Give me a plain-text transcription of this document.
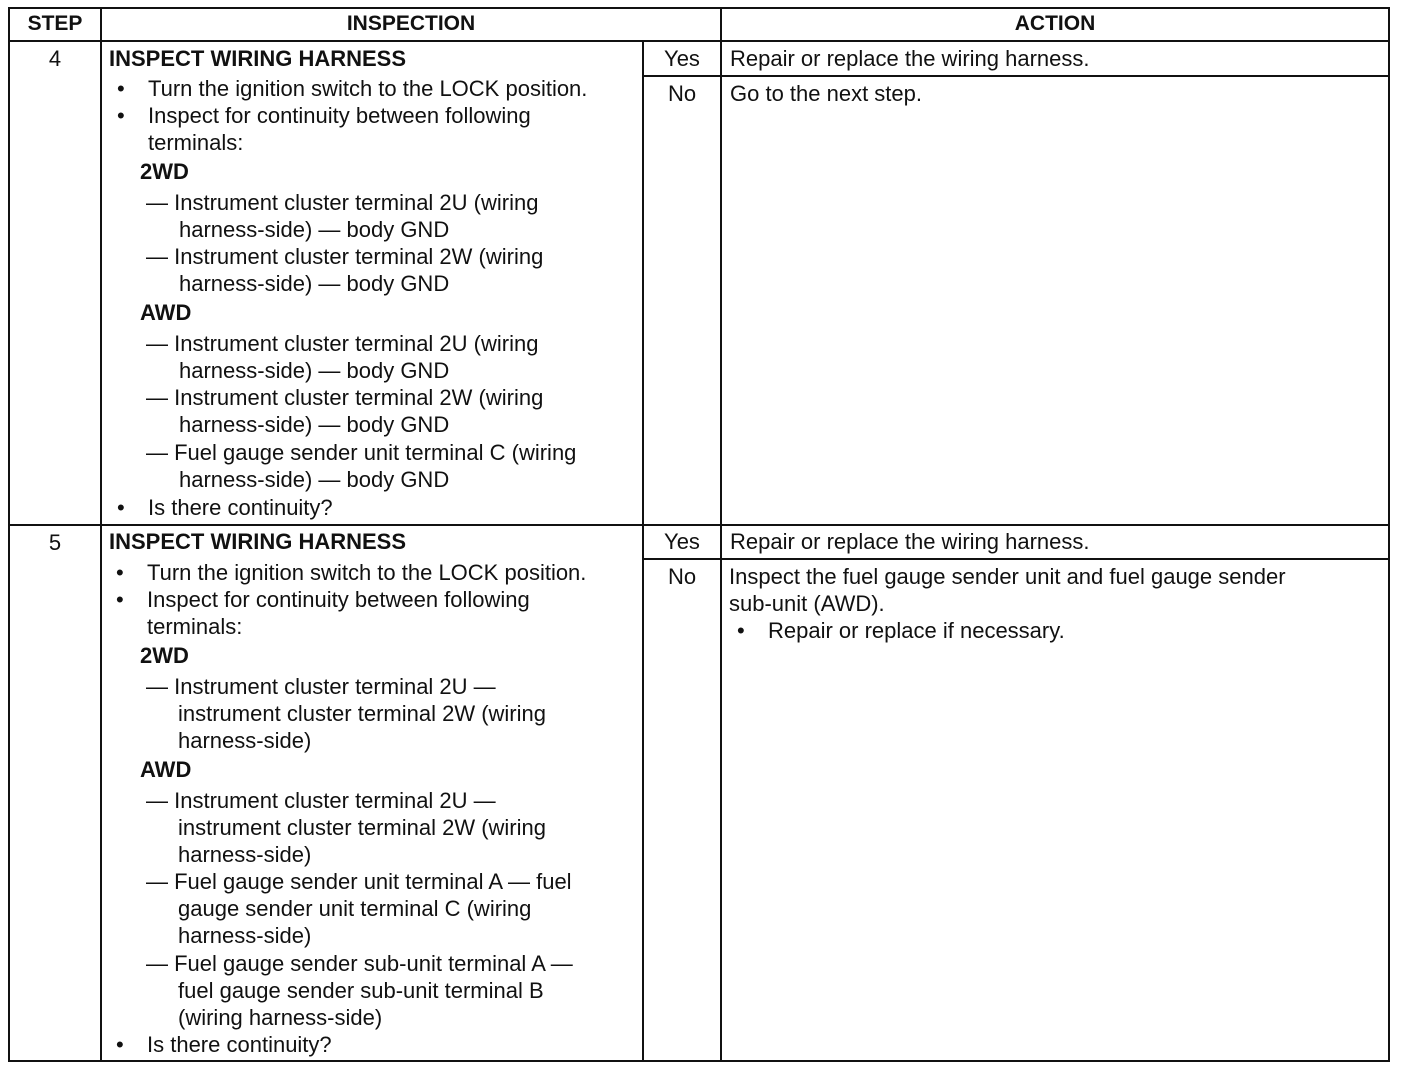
STEP	INSPECTION	ACTION
4	INSPECT WIRING HARNESS
• Turn the ignition switch to the LOCK position.
• Inspect for continuity between following
terminals:
2WD
— Instrument cluster terminal 2U (wiring
harness-side) — body GND
— Instrument cluster terminal 2W (wiring
harness-side) — body GND
AWD
— Instrument cluster terminal 2U (wiring
harness-side) — body GND
— Instrument cluster terminal 2W (wiring
harness-side) — body GND
— Fuel gauge sender unit terminal C (wiring
harness-side) — body GND
• Is there continuity?
Yes	Repair or replace the wiring harness.
No	Go to the next step.
5	INSPECT WIRING HARNESS
• Turn the ignition switch to the LOCK position.
• Inspect for continuity between following
terminals:
2WD
— Instrument cluster terminal 2U —
instrument cluster terminal 2W (wiring
harness-side)
AWD
— Instrument cluster terminal 2U —
instrument cluster terminal 2W (wiring
harness-side)
— Fuel gauge sender unit terminal A — fuel
gauge sender unit terminal C (wiring
harness-side)
— Fuel gauge sender sub-unit terminal A —
fuel gauge sender sub-unit terminal B
(wiring harness-side)
• Is there continuity?
Yes	Repair or replace the wiring harness.
No	Inspect the fuel gauge sender unit and fuel gauge sender
sub-unit (AWD).
• Repair or replace if necessary.
